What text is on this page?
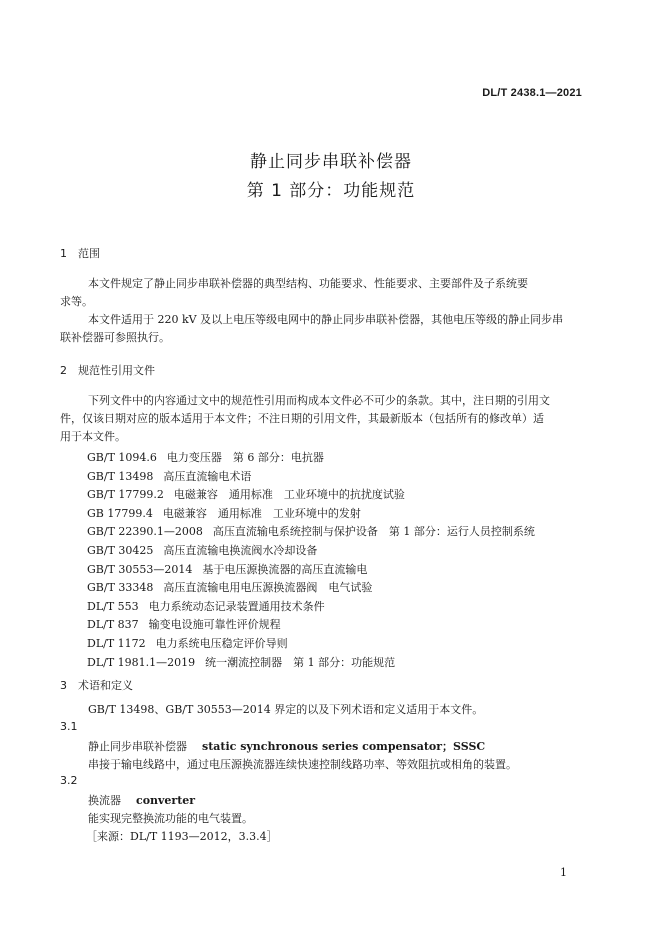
DL/T 2438.1—2021
静止同步串联补偿器
第 1 部分：功能规范
1 范围
本文件规定了静止同步串联补偿器的典型结构、功能要求、性能要求、主要部件及子系统要
求等。
本文件适用于 220 kV 及以上电压等级电网中的静止同步串联补偿器，其他电压等级的静止同步串
联补偿器可参照执行。
2 规范性引用文件
下列文件中的内容通过文中的规范性引用而构成本文件必不可少的条款。其中，注日期的引用文
件，仅该日期对应的版本适用于本文件；不注日期的引用文件，其最新版本（包括所有的修改单）适
用于本文件。
GB/T 1094.6 电力变压器　第 6 部分：电抗器
GB/T 13498 高压直流输电术语
GB/T 17799.2 电磁兼容　通用标准　工业环境中的抗扰度试验
GB 17799.4 电磁兼容　通用标准　工业环境中的发射
GB/T 22390.1—2008 高压直流输电系统控制与保护设备　第 1 部分：运行人员控制系统
GB/T 30425 高压直流输电换流阀水冷却设备
GB/T 30553—2014 基于电压源换流器的高压直流输电
GB/T 33348 高压直流输电用电压源换流器阀　电气试验
DL/T 553 电力系统动态记录装置通用技术条件
DL/T 837 输变电设施可靠性评价规程
DL/T 1172 电力系统电压稳定评价导则
DL/T 1981.1—2019 统一潮流控制器　第 1 部分：功能规范
3 术语和定义
GB/T 13498、GB/T 30553—2014 界定的以及下列术语和定义适用于本文件。
3.1
静止同步串联补偿器 static synchronous series compensator；SSSC
串接于输电线路中，通过电压源换流器连续快速控制线路功率、等效阻抗或相角的装置。
3.2
换流器 converter
能实现完整换流功能的电气装置。
［来源：DL/T 1193—2012，3.3.4］
1
